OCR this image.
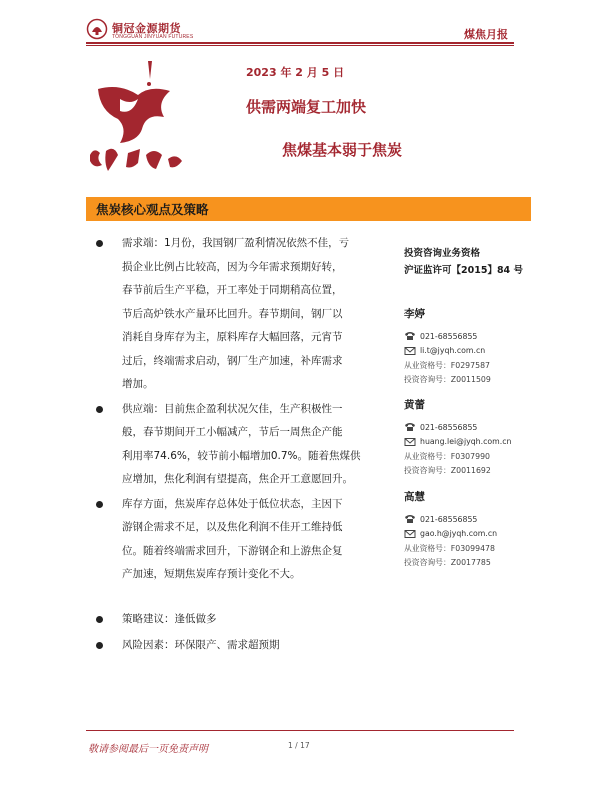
铜冠金源期货
TONGGUAN JINYUAN FUTURES	煤焦月报
2023 年 2 月 5 日
供需两端复工加快
焦煤基本弱于焦炭
焦炭核心观点及策略
需求端：1月份，我国钢厂盈利情况依然不佳，亏
损企业比例占比较高，因为今年需求预期好转，
春节前后生产平稳，开工率处于同期稍高位置，
节后高炉铁水产量环比回升。春节期间，钢厂以
消耗自身库存为主，原料库存大幅回落，元宵节
过后，终端需求启动，钢厂生产加速，补库需求
增加。
供应端：目前焦企盈利状况欠佳，生产积极性一
般，春节期间开工小幅减产，节后一周焦企产能
利用率74.6%，较节前小幅增加0.7%。随着焦煤供
应增加，焦化利润有望提高，焦企开工意愿回升。
库存方面，焦炭库存总体处于低位状态，主因下
游钢企需求不足，以及焦化利润不佳开工维持低
位。随着终端需求回升，下游钢企和上游焦企复
产加速，短期焦炭库存预计变化不大。
策略建议：逢低做多
风险因素：环保限产、需求超预期
投资咨询业务资格
沪证监许可【2015】84 号
李婷
021-68556855
li.t@jyqh.com.cn
从业资格号：F0297587
投资咨询号：Z0011509
黄蕾
021-68556855
huang.lei@jyqh.com.cn
从业资格号：F0307990
投资咨询号：Z0011692
高慧
021-68556855
gao.h@jyqh.com.cn
从业资格号：F03099478
投资咨询号：Z0017785
敬请参阅最后一页免责声明	1 / 17
